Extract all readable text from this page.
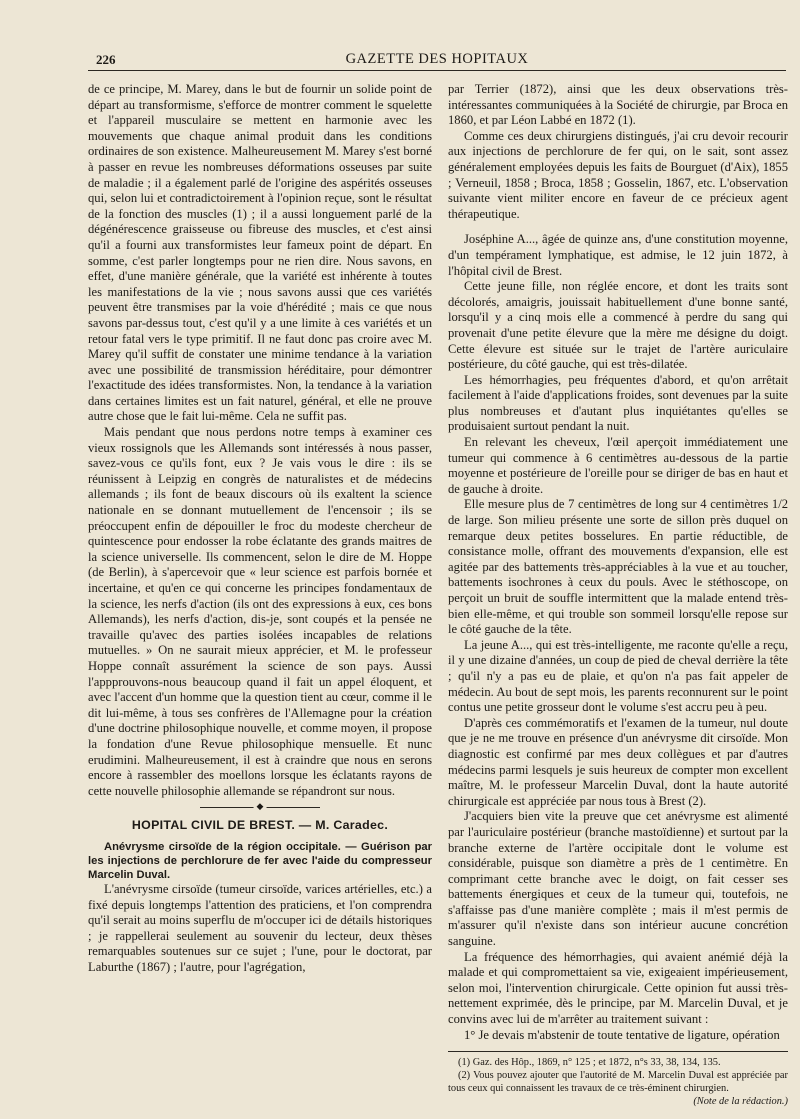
226	GAZETTE DES HOPITAUX

de ce principe, M. Marey, dans le but de fournir un solide point de départ au transformisme, s'efforce de montrer comment le squelette et l'appareil musculaire se mettent en harmonie avec les mouvements que chaque animal produit dans les conditions ordinaires de son existence. Malheureusement M. Marey s'est borné à passer en revue les nombreuses déformations osseuses par suite de maladie ; il a également parlé de l'origine des aspérités osseuses qui, selon lui et contradictoirement à l'opinion reçue, sont le résultat de la fonction des muscles (1) ; il a aussi longuement parlé de la dégénérescence graisseuse ou fibreuse des muscles, et c'est ainsi qu'il a fourni aux transformistes leur fameux point de départ. En somme, c'est parler longtemps pour ne rien dire. Nous savons, en effet, d'une manière générale, que la variété est inhérente à toutes les manifestations de la vie ; nous savons aussi que ces variétés peuvent être transmises par la voie d'hérédité ; mais ce que nous savons par-dessus tout, c'est qu'il y a une limite à ces variétés et un retour fatal vers le type primitif. Il ne faut donc pas croire avec M. Marey qu'il suffit de constater une minime tendance à la variation avec une possibilité de transmission héréditaire, pour démontrer l'exactitude des idées transformistes. Non, la tendance à la variation dans certaines limites est un fait naturel, général, et elle ne prouve autre chose que le fait lui-même. Cela ne suffit pas.

Mais pendant que nous perdons notre temps à examiner ces vieux rossignols que les Allemands sont intéressés à nous passer, savez-vous ce qu'ils font, eux ? Je vais vous le dire : ils se réunissent à Leipzig en congrès de naturalistes et de médecins allemands ; ils font de beaux discours où ils exaltent la science nationale en se donnant mutuellement de l'encensoir ; ils se préoccupent enfin de dépouiller le froc du modeste chercheur de quintescence pour endosser la robe éclatante des grands maitres de la science universelle. Ils commencent, selon le dire de M. Hoppe (de Berlin), à s'apercevoir que « leur science est parfois bornée et incertaine, et qu'en ce qui concerne les principes fondamentaux de la science, les nerfs d'action (ils ont des expressions à eux, ces bons Allemands), les nerfs d'action, dis-je, sont coupés et la pensée ne travaille qu'avec des parties isolées incapables de relations mutuelles. » On ne saurait mieux apprécier, et M. le professeur Hoppe connaît assurément la science de son pays. Aussi l'appprouvons-nous beaucoup quand il fait un appel éloquent, et avec l'accent d'un homme que la question tient au cœur, comme il le dit lui-même, à tous ses confrères de l'Allemagne pour la création d'une doctrine philosophique nouvelle, et comme moyen, il propose la fondation d'une Revue philosophique mensuelle. Et nunc erudimini. Malheureusement, il est à craindre que nous en serons encore à rassembler des moellons lorsque les éclatants rayons de cette nouvelle philosophie allemande se répandront sur nous.

◆
HOPITAL CIVIL DE BREST. — M. Caradec.

Anévrysme cirsoïde de la région occipitale. — Guérison par les injections de perchlorure de fer avec l'aide du compresseur Marcelin Duval.

L'anévrysme cirsoïde (tumeur cirsoïde, varices artérielles, etc.) a fixé depuis longtemps l'attention des praticiens, et l'on comprendra qu'il serait au moins superflu de m'occuper ici de détails historiques ; je rappellerai seulement au souvenir du lecteur, deux thèses remarquables soutenues sur ce sujet ; l'une, pour le doctorat, par Laburthe (1867) ; l'autre, pour l'agrégation,

par Terrier (1872), ainsi que les deux observations très-intéressantes communiquées à la Société de chirurgie, par Broca en 1860, et par Léon Labbé en 1872 (1).

Comme ces deux chirurgiens distingués, j'ai cru devoir recourir aux injections de perchlorure de fer qui, on le sait, sont assez généralement employées depuis les faits de Bourguet (d'Aix), 1855 ; Verneuil, 1858 ; Broca, 1858 ; Gosselin, 1867, etc. L'observation suivante vient militer encore en faveur de ce précieux agent thérapeutique.

Joséphine A..., âgée de quinze ans, d'une constitution moyenne, d'un tempérament lymphatique, est admise, le 12 juin 1872, à l'hôpital civil de Brest.

Cette jeune fille, non réglée encore, et dont les traits sont décolorés, amaigris, jouissait habituellement d'une bonne santé, lorsqu'il y a cinq mois elle a commencé à perdre du sang qui provenait d'une petite élevure que la mère me désigne du doigt. Cette élevure est située sur le trajet de l'artère auriculaire postérieure, du côté gauche, qui est très-dilatée.

Les hémorrhagies, peu fréquentes d'abord, et qu'on arrêtait facilement à l'aide d'applications froides, sont devenues par la suite plus nombreuses et d'autant plus inquiétantes qu'elles se produisaient surtout pendant la nuit.

En relevant les cheveux, l'œil aperçoit immédiatement une tumeur qui commence à 6 centimètres au-dessous de la partie moyenne et postérieure de l'oreille pour se diriger de bas en haut et de gauche à droite.

Elle mesure plus de 7 centimètres de long sur 4 centimètres 1/2 de large. Son milieu présente une sorte de sillon près duquel on remarque deux petites bosselures. En partie réductible, de consistance molle, offrant des mouvements d'expansion, elle est agitée par des battements très-appréciables à la vue et au toucher, battements isochrones à ceux du pouls. Avec le stéthoscope, on perçoit un bruit de souffle intermittent que la malade entend très-bien elle-même, et qui trouble son sommeil lorsqu'elle repose sur le côté gauche de la tête.

La jeune A..., qui est très-intelligente, me raconte qu'elle a reçu, il y une dizaine d'années, un coup de pied de cheval derrière la tête ; qu'il n'y a pas eu de plaie, et qu'on n'a pas fait appeler de médecin. Au bout de sept mois, les parents reconnurent sur le point contus une petite grosseur dont le volume s'est accru peu à peu.

D'après ces commémoratifs et l'examen de la tumeur, nul doute que je ne me trouve en présence d'un anévrysme dit cirsoïde. Mon diagnostic est confirmé par mes deux collègues et par d'autres médecins parmi lesquels je suis heureux de compter mon excellent maître, M. le professeur Marcelin Duval, dont la haute autorité chirurgicale est appréciée par nous tous à Brest (2).

J'acquiers bien vite la preuve que cet anévrysme est alimenté par l'auriculaire postérieur (branche mastoïdienne) et surtout par la branche externe de l'artère occipitale dont le volume est considérable, puisque son diamètre a près de 1 centimètre. En comprimant cette branche avec le doigt, on fait cesser ses battements énergiques et ceux de la tumeur qui, toutefois, ne s'affaisse pas d'une manière complète ; mais il m'est permis de m'assurer qu'il n'existe dans son intérieur aucune concrétion sanguine.

La fréquence des hémorrhagies, qui avaient anémié déjà la malade et qui compromettaient sa vie, exigeaient impérieusement, selon moi, l'intervention chirurgicale. Cette opinion fut aussi très-nettement exprimée, dès le principe, par M. Marcelin Duval, et je convins avec lui de m'arrêter au traitement suivant :

1° Je devais m'abstenir de toute tentative de ligature, opération

(1) Gaz. des Hôp., 1869, n° 125 ; et 1872, n°s 33, 38, 134, 135.

(2) Vous pouvez ajouter que l'autorité de M. Marcelin Duval est appréciée par tous ceux qui connaissent les travaux de ce très-éminent chirurgien.

(Note de la rédaction.)
